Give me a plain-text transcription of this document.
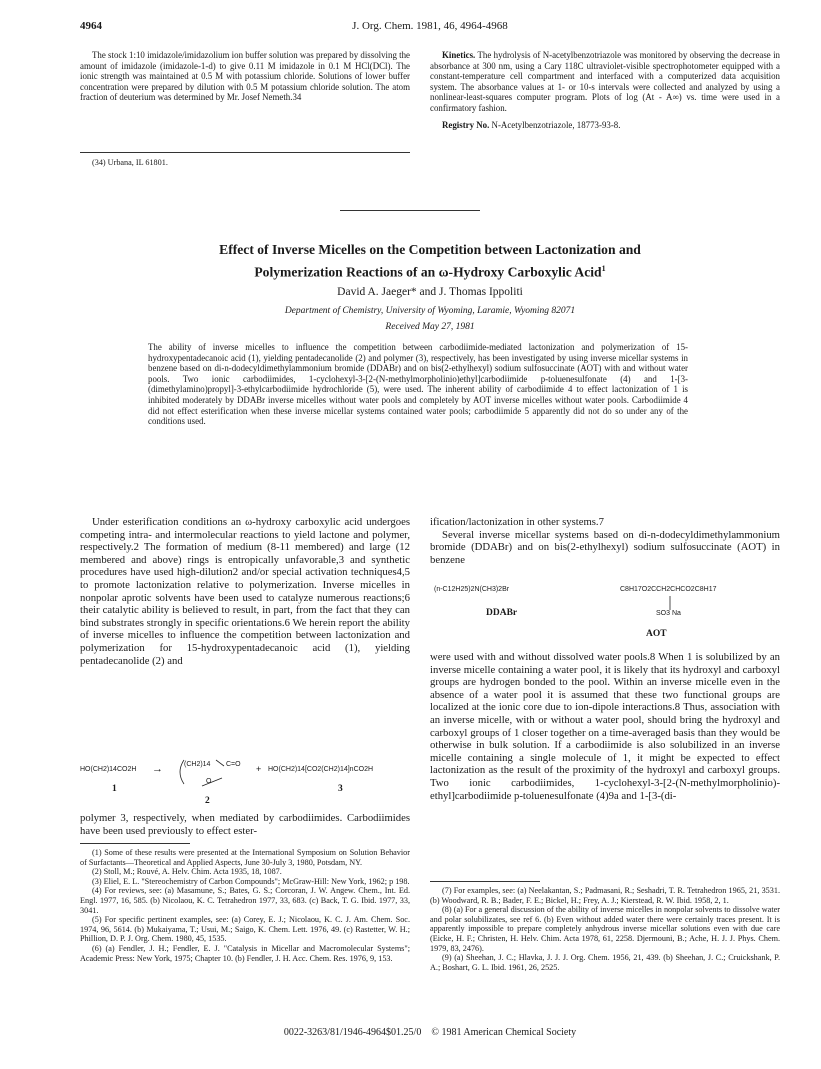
4964	J. Org. Chem. 1981, 46, 4964-4968

The stock 1:10 imidazole/imidazolium ion buffer solution was prepared by dissolving the amount of imidazole (imidazole-1-d) to give 0.11 M imidazole in 0.1 M HCl(DCl). The ionic strength was maintained at 0.5 M with potassium chloride. Solutions of lower buffer concentration were prepared by dilution with 0.5 M potassium chloride solution. The atom fraction of deuterium was determined by Mr. Josef Nemeth.34

(34) Urbana, IL 61801.

Kinetics. The hydrolysis of N-acetylbenzotriazole was monitored by observing the decrease in absorbance at 300 nm, using a Cary 118C ultraviolet-visible spectrophotometer equipped with a constant-temperature cell compartment and interfaced with a computerized data acquisition system. The absorbance values at 1- or 10-s intervals were collected and analyzed by using a nonlinear-least-squares computer program. Plots of log (At - A∞) vs. time were used in a confirmatory fashion.

Registry No. N-Acetylbenzotriazole, 18773-93-8.

Effect of Inverse Micelles on the Competition between Lactonization and
Polymerization Reactions of an ω-Hydroxy Carboxylic Acid$^1$
David A. Jaeger* and J. Thomas Ippoliti
Department of Chemistry, University of Wyoming, Laramie, Wyoming 82071
Received May 27, 1981
The ability of inverse micelles to influence the competition between carbodiimide-mediated lactonization and polymerization of 15-hydroxypentadecanoic acid (1), yielding pentadecanolide (2) and polymer (3), respectively, has been investigated by using inverse micellar systems in benzene based on di-n-dodecyldimethylammonium bromide (DDABr) and on bis(2-ethylhexyl) sodium sulfosuccinate (AOT) with and without water pools. Two ionic carbodiimides, 1-cyclohexyl-3-[2-(N-methylmorpholinio)ethyl]carbodiimide p-toluenesulfonate (4) and 1-[3-(dimethylamino)propyl]-3-ethylcarbodiimide hydrochloride (5), were used. The inherent ability of carbodiimide 4 to effect lactonization of 1 is inhibited moderately by DDABr inverse micelles without water pools and completely by AOT inverse micelles without water pools. Carbodiimide 4 did not effect esterification when these inverse micellar systems contained water pools; carbodiimide 5 apparently did not do so under any of the conditions used.

Under esterification conditions an ω-hydroxy carboxylic acid undergoes competing intra- and intermolecular reactions to yield lactone and polymer, respectively.2 The formation of medium (8-11 membered) and large (12 membered and above) rings is entropically unfavorable,3 and synthetic procedures have used high-dilution2 and/or special activation techniques4,5 to promote lactonization relative to polymerization. Inverse micelles in nonpolar aprotic solvents have been used to catalyze numerous reactions;6 their catalytic ability is believed to result, in part, from the fact that they can bind substrates strongly in specific orientations.6 We herein report the ability of inverse micelles to influence the competition between lactonization and polymerization for 15-hydroxypentadecanoic acid (1), yielding pentadecanolide (2) and

HO(CH2)14CO2H →	(CH2)14 C=O
O
+ HO(CH2)14[CO2(CH2)14]nCO2H
1	3
2

polymer 3, respectively, when mediated by carbodiimides. Carbodiimides have been used previously to effect ester-

(1) Some of these results were presented at the International Symposium on Solution Behavior of Surfactants—Theoretical and Applied Aspects, June 30-July 3, 1980, Potsdam, NY.

(2) Stoll, M.; Rouvé, A. Helv. Chim. Acta 1935, 18, 1087.

(3) Eliel, E. L. "Stereochemistry of Carbon Compounds"; McGraw-Hill: New York, 1962; p 198.

(4) For reviews, see: (a) Masamune, S.; Bates, G. S.; Corcoran, J. W. Angew. Chem., Int. Ed. Engl. 1977, 16, 585. (b) Nicolaou, K. C. Tetrahedron 1977, 33, 683. (c) Back, T. G. Ibid. 1977, 33, 3041.

(5) For specific pertinent examples, see: (a) Corey, E. J.; Nicolaou, K. C. J. Am. Chem. Soc. 1974, 96, 5614. (b) Mukaiyama, T.; Usui, M.; Saigo, K. Chem. Lett. 1976, 49. (c) Rastetter, W. H.; Phillion, D. P. J. Org. Chem. 1980, 45, 1535.

(6) (a) Fendler, J. H.; Fendler, E. J. "Catalysis in Micellar and Macromolecular Systems"; Academic Press: New York, 1975; Chapter 10. (b) Fendler, J. H. Acc. Chem. Res. 1976, 9, 153.

ification/lactonization in other systems.7

Several inverse micellar systems based on di-n-dodecyldimethylammonium bromide (DDABr) and on bis(2-ethylhexyl) sodium sulfosuccinate (AOT) in benzene

(n-C12H25)2N(CH3)2Br
DDABr
C8H17O2CCH2CHCO2C8H17
SO3 Na
AOT

were used with and without dissolved water pools.8 When 1 is solubilized by an inverse micelle containing a water pool, it is likely that its hydroxyl and carboxyl groups are hydrogen bonded to the pool. Within an inverse micelle even in the absence of a water pool it is assumed that these two functional groups are localized at the ionic core due to ion-dipole interactions.8 Thus, association with an inverse micelle, with or without a water pool, should bring the hydroxyl and carboxyl groups of 1 closer together on a time-averaged basis than they would be otherwise in bulk solution. If a carbodiimide is also solubilized in an inverse micelle containing a single molecule of 1, it might be expected to effect lactonization as the result of the proximity of the hydroxyl and carboxyl groups. Two ionic carbodiimides, 1-cyclohexyl-3-[2-(N-methylmorpholinio)-ethyl]carbodiimide p-toluenesulfonate (4)9a and 1-[3-(di-

(7) For examples, see: (a) Neelakantan, S.; Padmasani, R.; Seshadri, T. R. Tetrahedron 1965, 21, 3531. (b) Woodward, R. B.; Bader, F. E.; Bickel, H.; Frey, A. J.; Kierstead, R. W. Ibid. 1958, 2, 1.

(8) (a) For a general discussion of the ability of inverse micelles in nonpolar solvents to dissolve water and polar solubilizates, see ref 6. (b) Even without added water there were certainly traces present. It is apparently impossible to prepare completely anhydrous inverse micellar solutions even with due care (Eicke, H. F.; Christen, H. Helv. Chim. Acta 1978, 61, 2258. Djermouni, B.; Ache, H. J. J. Phys. Chem. 1979, 83, 2476).

(9) (a) Sheehan, J. C.; Hlavka, J. J. J. Org. Chem. 1956, 21, 439. (b) Sheehan, J. C.; Cruickshank, P. A.; Boshart, G. L. Ibid. 1961, 26, 2525.

0022-3263/81/1946-4964$01.25/0 © 1981 American Chemical Society
